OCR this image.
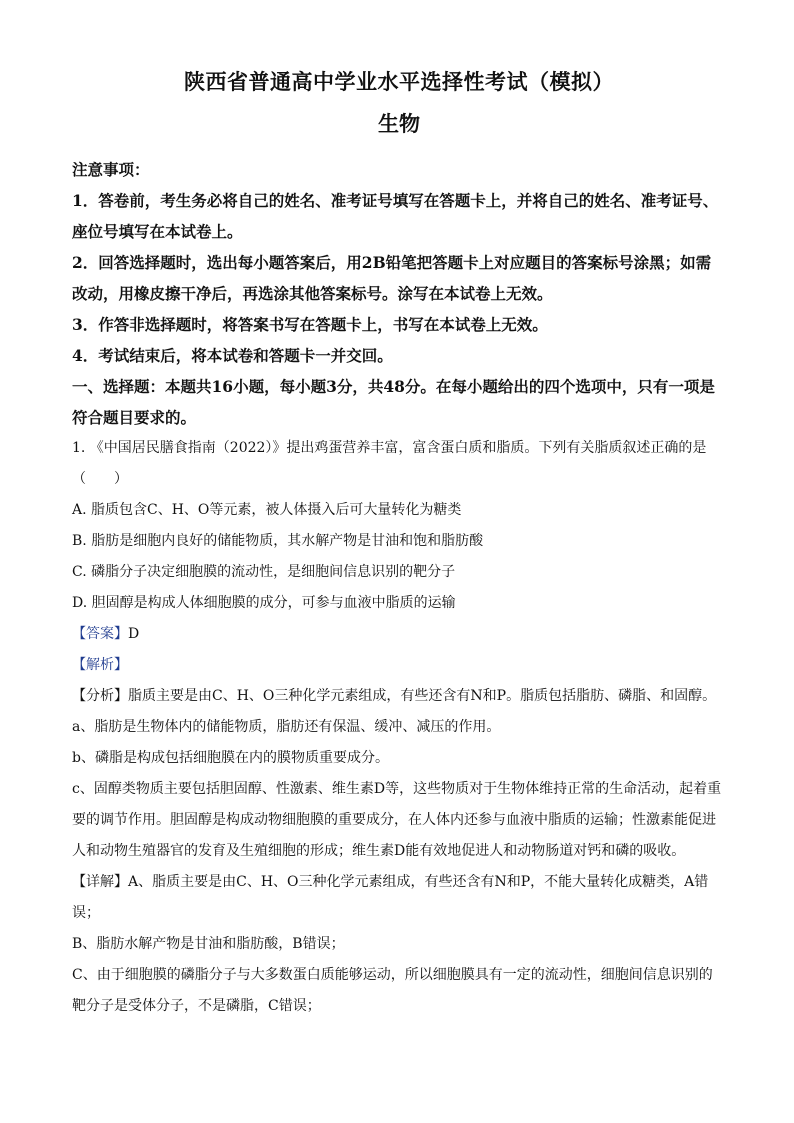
陕西省普通高中学业水平选择性考试（模拟）
生物
注意事项：
1．答卷前，考生务必将自己的姓名、准考证号填写在答题卡上，并将自己的姓名、准考证号、座位号填写在本试卷上。
2．回答选择题时，选出每小题答案后，用2B铅笔把答题卡上对应题目的答案标号涂黑；如需改动，用橡皮擦干净后，再选涂其他答案标号。涂写在本试卷上无效。
3．作答非选择题时，将答案书写在答题卡上，书写在本试卷上无效。
4．考试结束后，将本试卷和答题卡一并交回。
一、选择题：本题共16小题，每小题3分，共48分。在每小题给出的四个选项中，只有一项是符合题目要求的。
1. 《中国居民膳食指南（2022）》提出鸡蛋营养丰富，富含蛋白质和脂质。下列有关脂质叙述正确的是（　　）
A. 脂质包含C、H、O等元素，被人体摄入后可大量转化为糖类
B. 脂肪是细胞内良好的储能物质，其水解产物是甘油和饱和脂肪酸
C. 磷脂分子决定细胞膜的流动性，是细胞间信息识别的靶分子
D. 胆固醇是构成人体细胞膜的成分，可参与血液中脂质的运输
【答案】D
【解析】
【分析】脂质主要是由C、H、O三种化学元素组成，有些还含有N和P。脂质包括脂肪、磷脂、和固醇。
a、脂肪是生物体内的储能物质，脂肪还有保温、缓冲、减压的作用。
b、磷脂是构成包括细胞膜在内的膜物质重要成分。
c、固醇类物质主要包括胆固醇、性激素、维生素D等，这些物质对于生物体维持正常的生命活动，起着重要的调节作用。胆固醇是构成动物细胞膜的重要成分，在人体内还参与血液中脂质的运输；性激素能促进人和动物生殖器官的发育及生殖细胞的形成；维生素D能有效地促进人和动物肠道对钙和磷的吸收。
【详解】A、脂质主要是由C、H、O三种化学元素组成，有些还含有N和P，不能大量转化成糖类，A错误；
B、脂肪水解产物是甘油和脂肪酸，B错误；
C、由于细胞膜的磷脂分子与大多数蛋白质能够运动，所以细胞膜具有一定的流动性，细胞间信息识别的靶分子是受体分子，不是磷脂，C错误；
